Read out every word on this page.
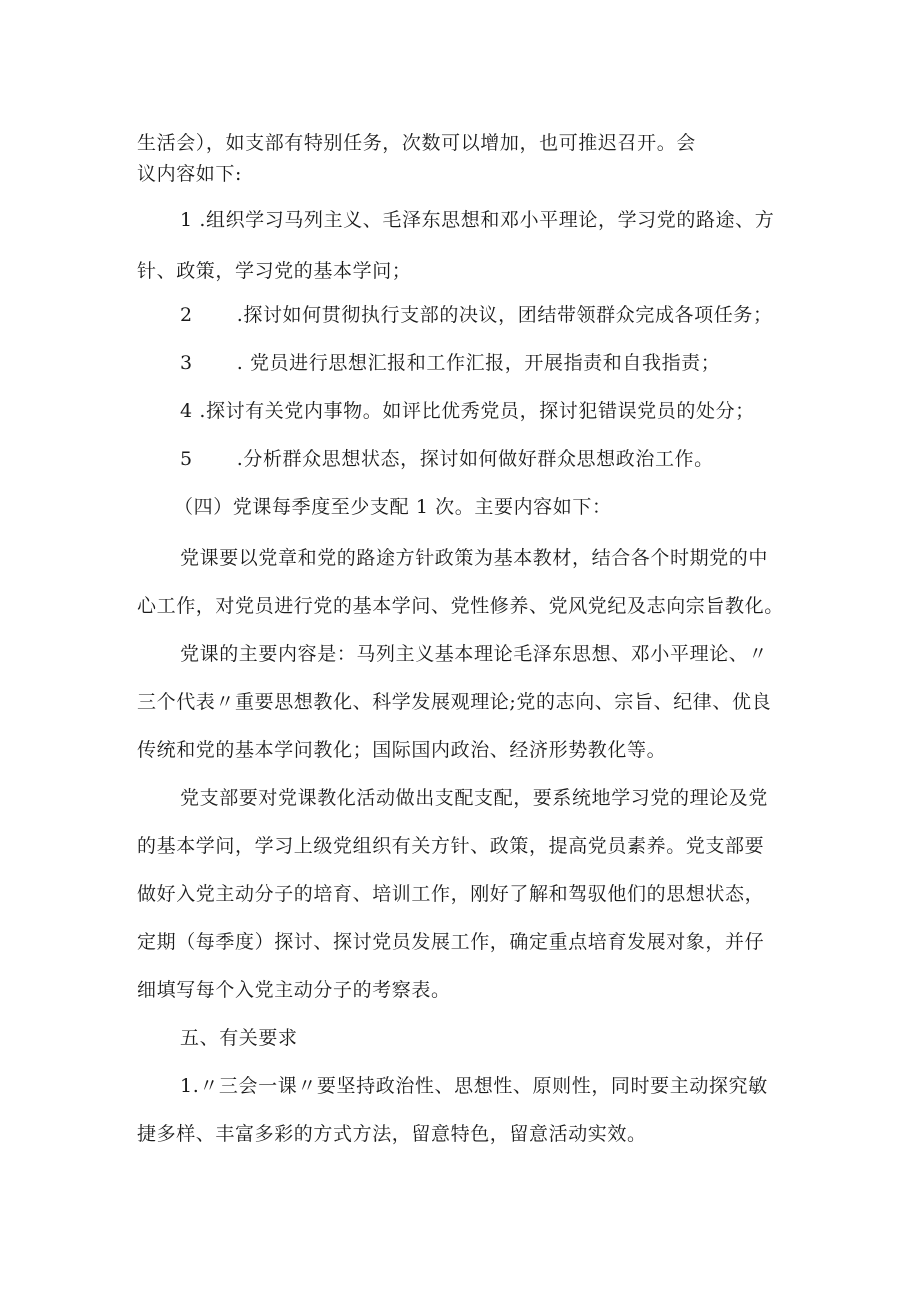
生活会），如支部有特别任务，次数可以增加，也可推迟召开。会
议内容如下:
1 .组织学习马列主义、毛泽东思想和邓小平理论，学习党的路途、方
针、政策，学习党的基本学问；
2 .探讨如何贯彻执行支部的决议，团结带领群众完成各项任务；
3 . 党员进行思想汇报和工作汇报，开展指责和自我指责；
4 .探讨有关党内事物。如评比优秀党员，探讨犯错误党员的处分；
5 .分析群众思想状态，探讨如何做好群众思想政治工作。
（四）党课每季度至少支配 1 次。主要内容如下：
党课要以党章和党的路途方针政策为基本教材，结合各个时期党的中
心工作，对党员进行党的基本学问、党性修养、党风党纪及志向宗旨教化。
党课的主要内容是：马列主义基本理论毛泽东思想、邓小平理论、〃
三个代表〃重要思想教化、科学发展观理论;党的志向、宗旨、纪律、优良
传统和党的基本学问教化；国际国内政治、经济形势教化等。
党支部要对党课教化活动做出支配支配，要系统地学习党的理论及党
的基本学问，学习上级党组织有关方针、政策，提高党员素养。党支部要
做好入党主动分子的培育、培训工作，刚好了解和驾驭他们的思想状态，
定期（每季度）探讨、探讨党员发展工作，确定重点培育发展对象，并仔
细填写每个入党主动分子的考察表。
五、有关要求
1.〃三会一课〃要坚持政治性、思想性、原则性，同时要主动探究敏
捷多样、丰富多彩的方式方法，留意特色，留意活动实效。
